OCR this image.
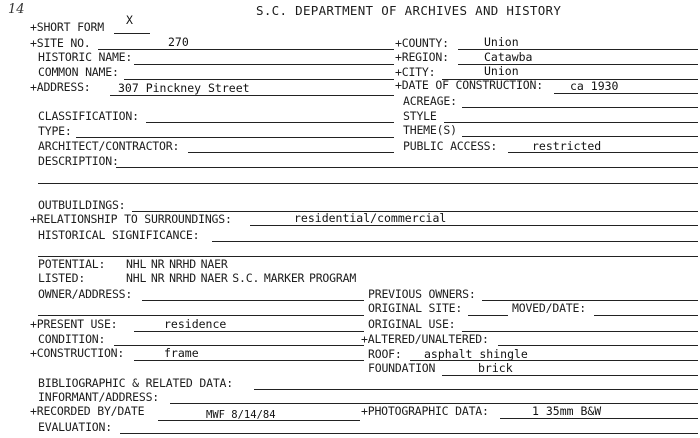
14	S.C. DEPARTMENT OF ARCHIVES AND HISTORY
+SHORT FORM X
+SITE NO.	270	+COUNTY:	Union
HISTORIC NAME:	+REGION:	Catawba
COMMON NAME:	+CITY:	Union
+ADDRESS: 307 Pinckney Street	+DATE OF CONSTRUCTION: ca 1930
ACREAGE:
CLASSIFICATION:	STYLE
TYPE:	THEME(S)
ARCHITECT/CONTRACTOR:	PUBLIC ACCESS:	restricted
DESCRIPTION:
OUTBUILDINGS:
+RELATIONSHIP TO SURROUNDINGS:	residential/commercial
HISTORICAL SIGNIFICANCE:
POTENTIAL: NHL NR NRHD NAER
LISTED:	NHL NR NRHD NAER S.C. MARKER PROGRAM
OWNER/ADDRESS:	PREVIOUS OWNERS:
ORIGINAL SITE:	MOVED/DATE:
+PRESENT USE:	residence	ORIGINAL USE:
CONDITION:	+ALTERED/UNALTERED:
+CONSTRUCTION:	frame	ROOF: asphalt shingle
FOUNDATION	brick
BIBLIOGRAPHIC & RELATED DATA:
INFORMANT/ADDRESS:
+RECORDED BY/DATE	MWF 8/14/84	+PHOTOGRAPHIC DATA:	1 35mm B&W
EVALUATION:
